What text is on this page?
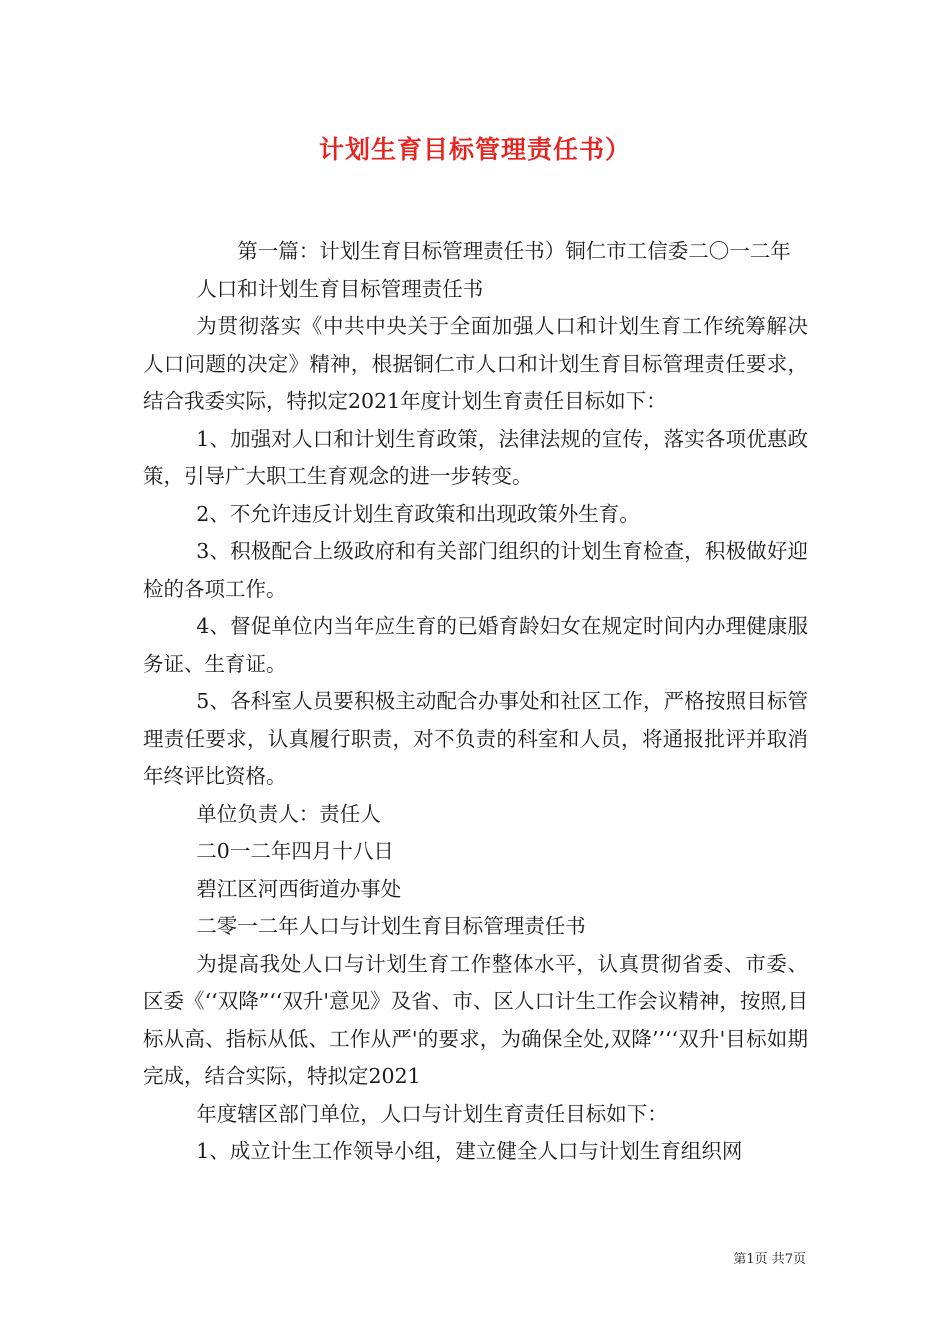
计划生育目标管理责任书）

第一篇：计划生育目标管理责任书）铜仁市工信委二〇一二年

人口和计划生育目标管理责任书

为贯彻落实《中共中央关于全面加强人口和计划生育工作统筹解决人口问题的决定》精神，根据铜仁市人口和计划生育目标管理责任要求，结合我委实际，特拟定2021年度计划生育责任目标如下：

1、加强对人口和计划生育政策，法律法规的宣传，落实各项优惠政策，引导广大职工生育观念的进一步转变。

2、不允许违反计划生育政策和出现政策外生育。

3、积极配合上级政府和有关部门组织的计划生育检查，积极做好迎检的各项工作。

4、督促单位内当年应生育的已婚育龄妇女在规定时间内办理健康服务证、生育证。

5、各科室人员要积极主动配合办事处和社区工作，严格按照目标管理责任要求，认真履行职责，对不负责的科室和人员，将通报批评并取消年终评比资格。

单位负责人：责任人

二0一二年四月十八日

碧江区河西街道办事处

二零一二年人口与计划生育目标管理责任书

为提高我处人口与计划生育工作整体水平，认真贯彻省委、市委、区委《‘‘双降”‘‘双升'意见》及省、市、区人口计生工作会议精神，按照,目标从高、指标从低、工作从严'的要求，为确保全处,双降’’‘‘双升'目标如期完成，结合实际，特拟定2021

年度辖区部门单位，人口与计划生育责任目标如下：

1、成立计生工作领导小组，建立健全人口与计划生育组织网

第1页 共7页
